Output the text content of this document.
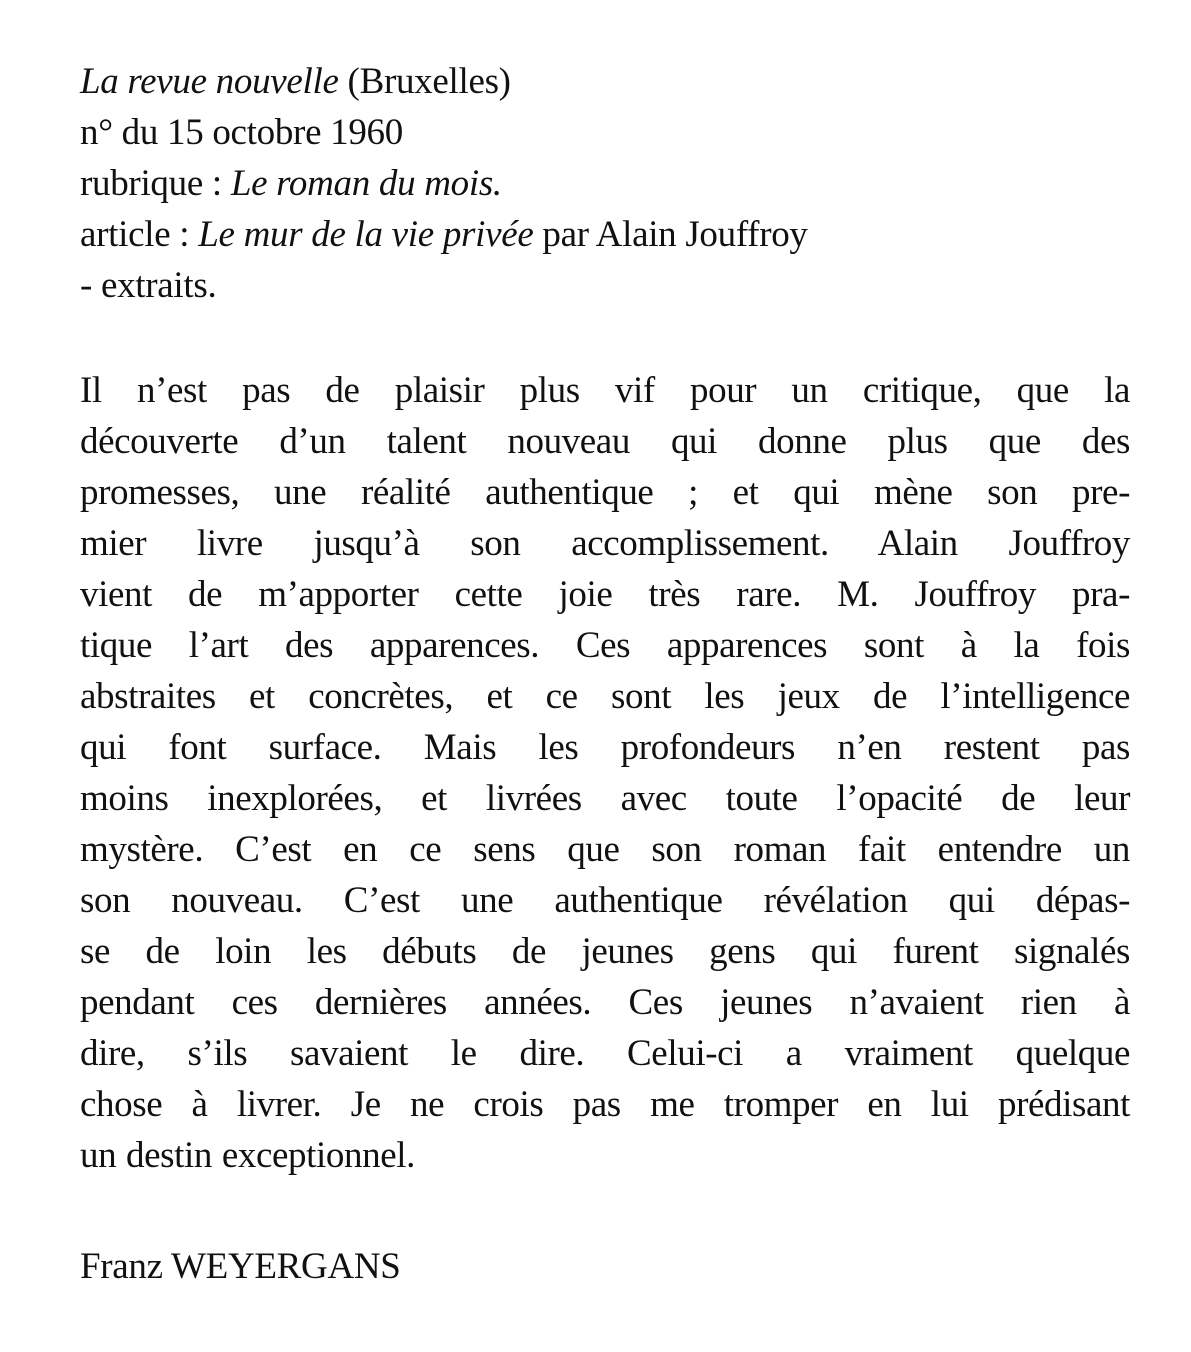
La revue nouvelle (Bruxelles)
n° du 15 octobre 1960
rubrique : Le roman du mois.
article : Le mur de la vie privée par Alain Jouffroy
- extraits.
Il n’est pas de plaisir plus vif pour un critique, que la
découverte d’un talent nouveau qui donne plus que des
promesses, une réalité authentique ; et qui mène son pre-
mier livre jusqu’à son accomplissement. Alain Jouffroy
vient de m’apporter cette joie très rare. M. Jouffroy pra-
tique l’art des apparences. Ces apparences sont à la fois
abstraites et concrètes, et ce sont les jeux de l’intelligence
qui font surface. Mais les profondeurs n’en restent pas
moins inexplorées, et livrées avec toute l’opacité de leur
mystère. C’est en ce sens que son roman fait entendre un
son nouveau. C’est une authentique révélation qui dépas-
se de loin les débuts de jeunes gens qui furent signalés
pendant ces dernières années. Ces jeunes n’avaient rien à
dire, s’ils savaient le dire. Celui-ci a vraiment quelque
chose à livrer. Je ne crois pas me tromper en lui prédisant
un destin exceptionnel.
Franz WEYERGANS
